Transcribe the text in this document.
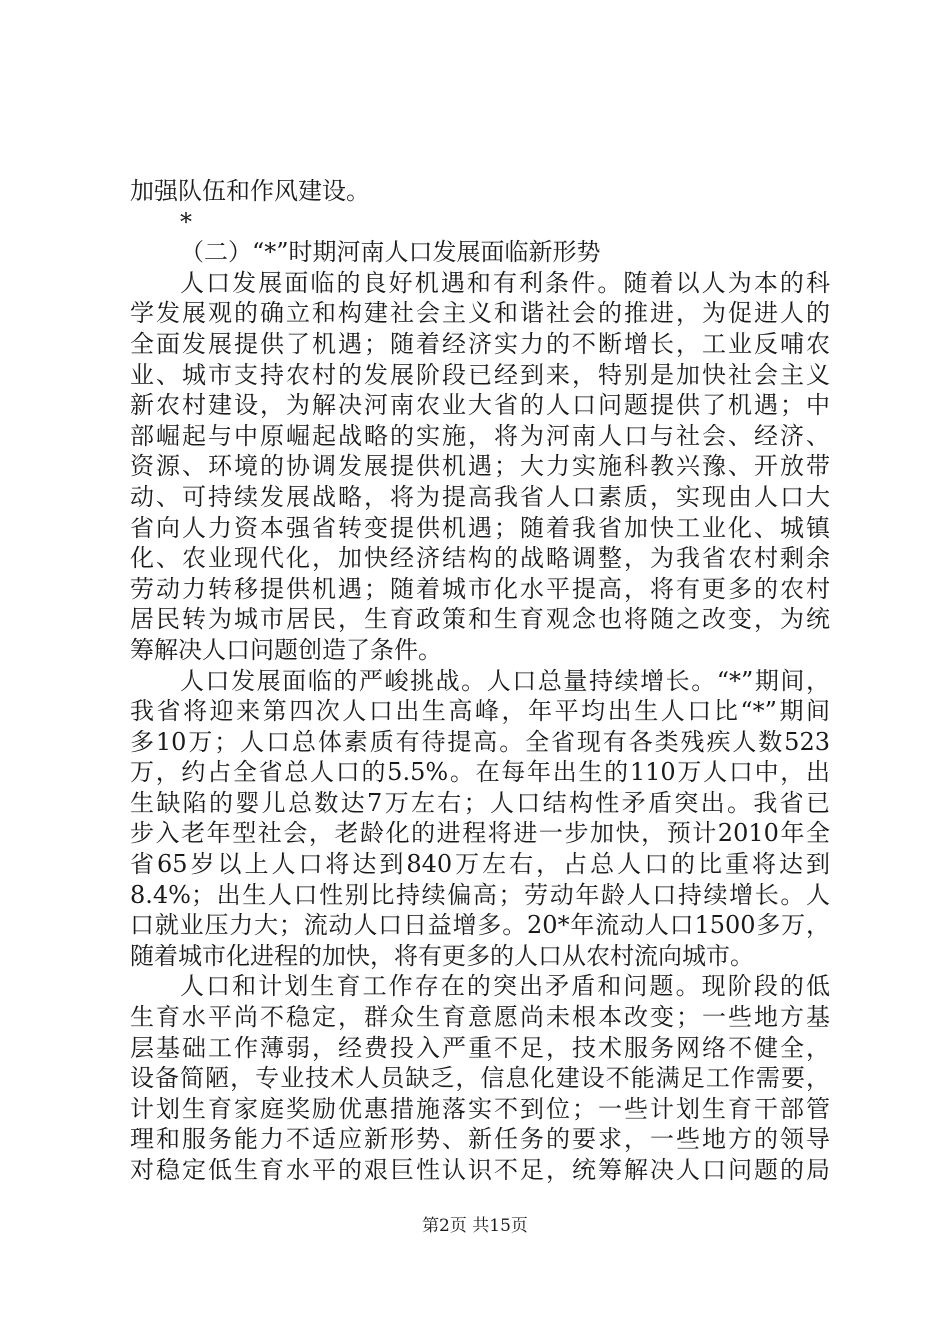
加强队伍和作风建设。
*
（二）“*”时期河南人口发展面临新形势
人口发展面临的良好机遇和有利条件。随着以人为本的科
学发展观的确立和构建社会主义和谐社会的推进，为促进人的
全面发展提供了机遇；随着经济实力的不断增长，工业反哺农
业、城市支持农村的发展阶段已经到来，特别是加快社会主义
新农村建设，为解决河南农业大省的人口问题提供了机遇；中
部崛起与中原崛起战略的实施，将为河南人口与社会、经济、
资源、环境的协调发展提供机遇；大力实施科教兴豫、开放带
动、可持续发展战略，将为提高我省人口素质，实现由人口大
省向人力资本强省转变提供机遇；随着我省加快工业化、城镇
化、农业现代化，加快经济结构的战略调整，为我省农村剩余
劳动力转移提供机遇；随着城市化水平提高，将有更多的农村
居民转为城市居民，生育政策和生育观念也将随之改变，为统
筹解决人口问题创造了条件。
人口发展面临的严峻挑战。人口总量持续增长。“*”期间，
我省将迎来第四次人口出生高峰，年平均出生人口比“*”期间
多10万；人口总体素质有待提高。全省现有各类残疾人数523
万，约占全省总人口的5.5%。在每年出生的110万人口中，出
生缺陷的婴儿总数达7万左右；人口结构性矛盾突出。我省已
步入老年型社会，老龄化的进程将进一步加快，预计2010年全
省65岁以上人口将达到840万左右，占总人口的比重将达到
8.4%；出生人口性别比持续偏高；劳动年龄人口持续增长。人
口就业压力大；流动人口日益增多。20*年流动人口1500多万，
随着城市化进程的加快，将有更多的人口从农村流向城市。
人口和计划生育工作存在的突出矛盾和问题。现阶段的低
生育水平尚不稳定，群众生育意愿尚未根本改变；一些地方基
层基础工作薄弱，经费投入严重不足，技术服务网络不健全，
设备简陋，专业技术人员缺乏，信息化建设不能满足工作需要，
计划生育家庭奖励优惠措施落实不到位；一些计划生育干部管
理和服务能力不适应新形势、新任务的要求，一些地方的领导
对稳定低生育水平的艰巨性认识不足，统筹解决人口问题的局
第2页 共15页
